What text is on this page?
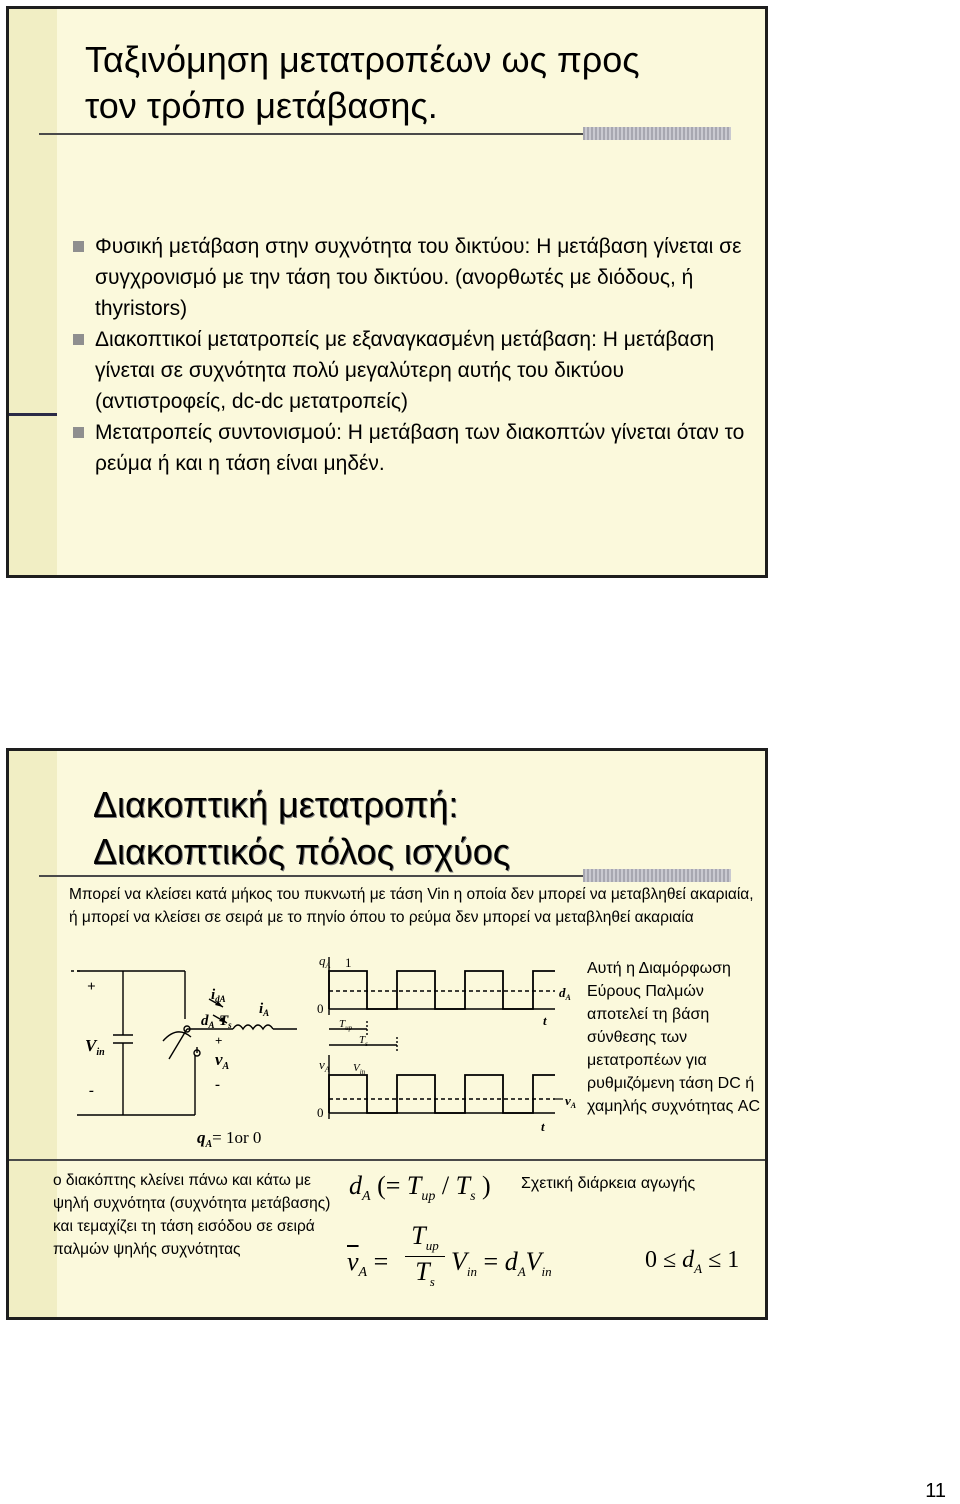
Ταξινόμηση μετατροπέων ως προς
τον τρόπο μετάβασης.
Φυσική μετάβαση στην συχνότητα του δικτύου: Η μετάβαση γίνεται σε συγχρονισμό με την τάση του δικτύου. (ανορθωτές με διόδους, ή thyristors)
Διακοπτικοί μετατροπείς με εξαναγκασμένη μετάβαση: Η μετάβαση γίνεται σε συχνότητα πολύ μεγαλύτερη αυτής του δικτύου (αντιστροφείς, dc-dc μετατροπείς)
Μετατροπείς συντονισμού: Η μετάβαση των διακοπτών γίνεται όταν το ρεύμα ή και η τάση είναι μηδέν.
Διακοπτική μετατροπή:
Διακοπτικός πόλος ισχύος
Μπορεί να κλείσει κατά μήκος του πυκνωτή με τάση Vin η οποία δεν μπορεί να μεταβληθεί ακαριαία, ή μπορεί να κλείσει σε σειρά με το πηνίο όπου το ρεύμα δεν μπορεί να μεταβληθεί ακαριαία
+
-
$V_{in}$
$i_{dA}$
$i_A$
$d_A$ $T_s$
+
$v_A$
-
$q_A= 1or$ 0
$q_A$ 1
0
$d_A$
t
$T_{up}$
$T_s$
$v_A$ $V_{in}$
0
$v_A$
t
Αυτή η Διαμόρφωση Εύρους Παλμών αποτελεί τη βάση σύνθεσης των μετατροπέων για ρυθμιζόμενη τάση DC ή χαμηλής συχνότητας AC
ο διακόπτης κλείνει πάνω και κάτω με ψηλή συχνότητα (συχνότητα μετάβασης) και τεμαχίζει τη τάση εισόδου σε σειρά παλμών ψηλής συχνότητας
$d_A$ (= $T_{up} / T_s$ ) Σχετική διάρκεια αγωγής
$\overline{v}_A$ =
$T_{up}$
$T_s$
$V_{in} = d_AV_{in}$	$0 \le d_A \le 1$
11
